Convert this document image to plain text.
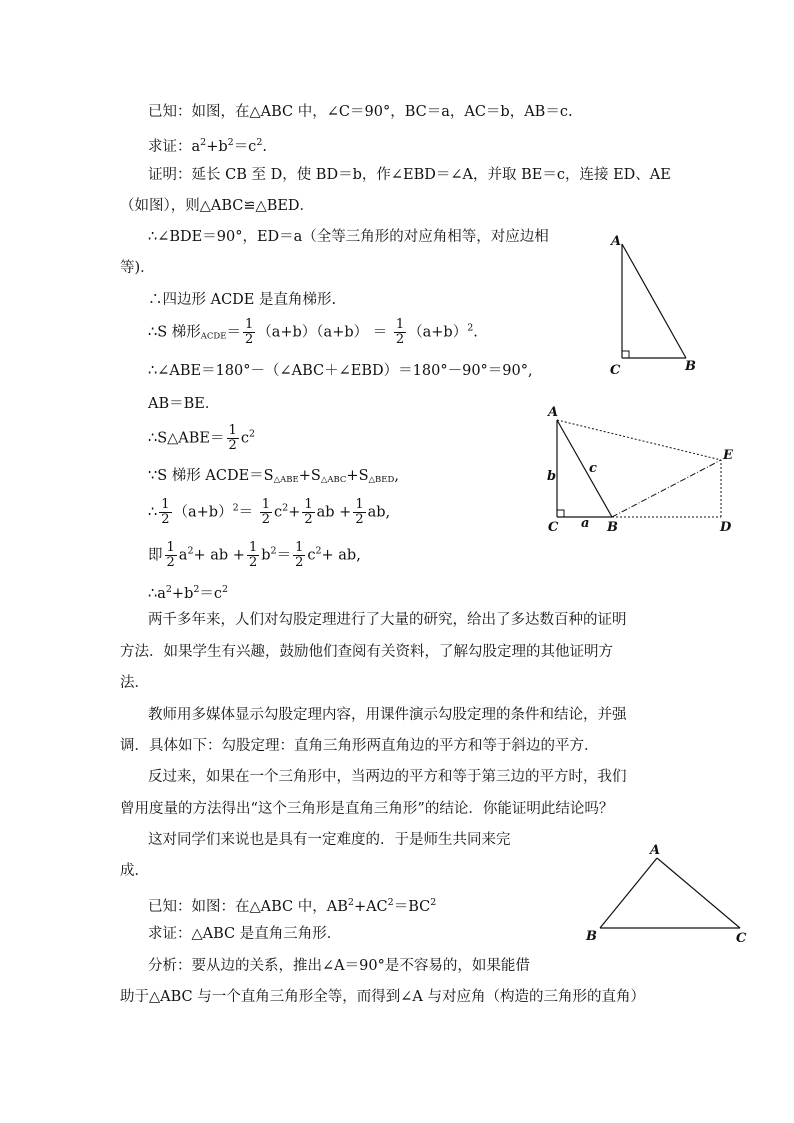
已知：如图，在△ABC 中，∠C＝90°，BC＝a，AC＝b，AB＝c.
求证：$a^2+b^2=c^2$.
证明：延长 CB 至 D，使 BD＝b，作∠EBD＝∠A，并取 BE＝c，连接 ED、AE
（如图），则△ABC≌△BED．
∴∠BDE＝90°，ED＝a（全等三角形的对应角相等，对应边相
等)．
∴四边形 ACDE 是直角梯形.
∴S 梯形$_{ACDE}= \frac{1}{2} (a+b)(a+b) = \frac{1}{2} (a+b)^2$.
∴∠ABE＝180°－（∠ABC＋∠EBD）＝180°－90°＝90°,
AB＝BE．
∴S△ABE＝ $\frac{1}{2} c^2$
∵S 梯形 $ACDE=S_{\triangle ABE}+S_{\triangle ABC}+S_{\triangle BED}$,
∴ $\frac{1}{2} (a+b)^2= \frac{1}{2} c^2+ \frac{1}{2}$ ab + $\frac{1}{2}$ ab,
即 $\frac{1}{2} a^2+$ ab + $\frac{1}{2} b^2= \frac{1}{2} c^2+$ ab,
$\therefore a^2+b^2=c^2$
两千多年来，人们对勾股定理进行了大量的研究，给出了多达数百种的证明
方法．如果学生有兴趣，鼓励他们查阅有关资料，了解勾股定理的其他证明方
法．
教师用多媒体显示勾股定理内容，用课件演示勾股定理的条件和结论，并强
调．具体如下：勾股定理：直角三角形两直角边的平方和等于斜边的平方．
反过来，如果在一个三角形中，当两边的平方和等于第三边的平方时，我们
曾用度量的方法得出“这个三角形是直角三角形”的结论．你能证明此结论吗？
这对同学们来说也是具有一定难度的．于是师生共同来完
成．
已知：如图：在△ABC 中，$AB^2+AC^2=BC^2$
求证：△ABC 是直角三角形．
分析：要从边的关系，推出∠A＝90°是不容易的，如果能借
助于△ABC 与一个直角三角形全等，而得到∠A 与对应角（构造的三角形的直角）
A
C	B
A
C	B	D
E
a
b
c
A
B	C
